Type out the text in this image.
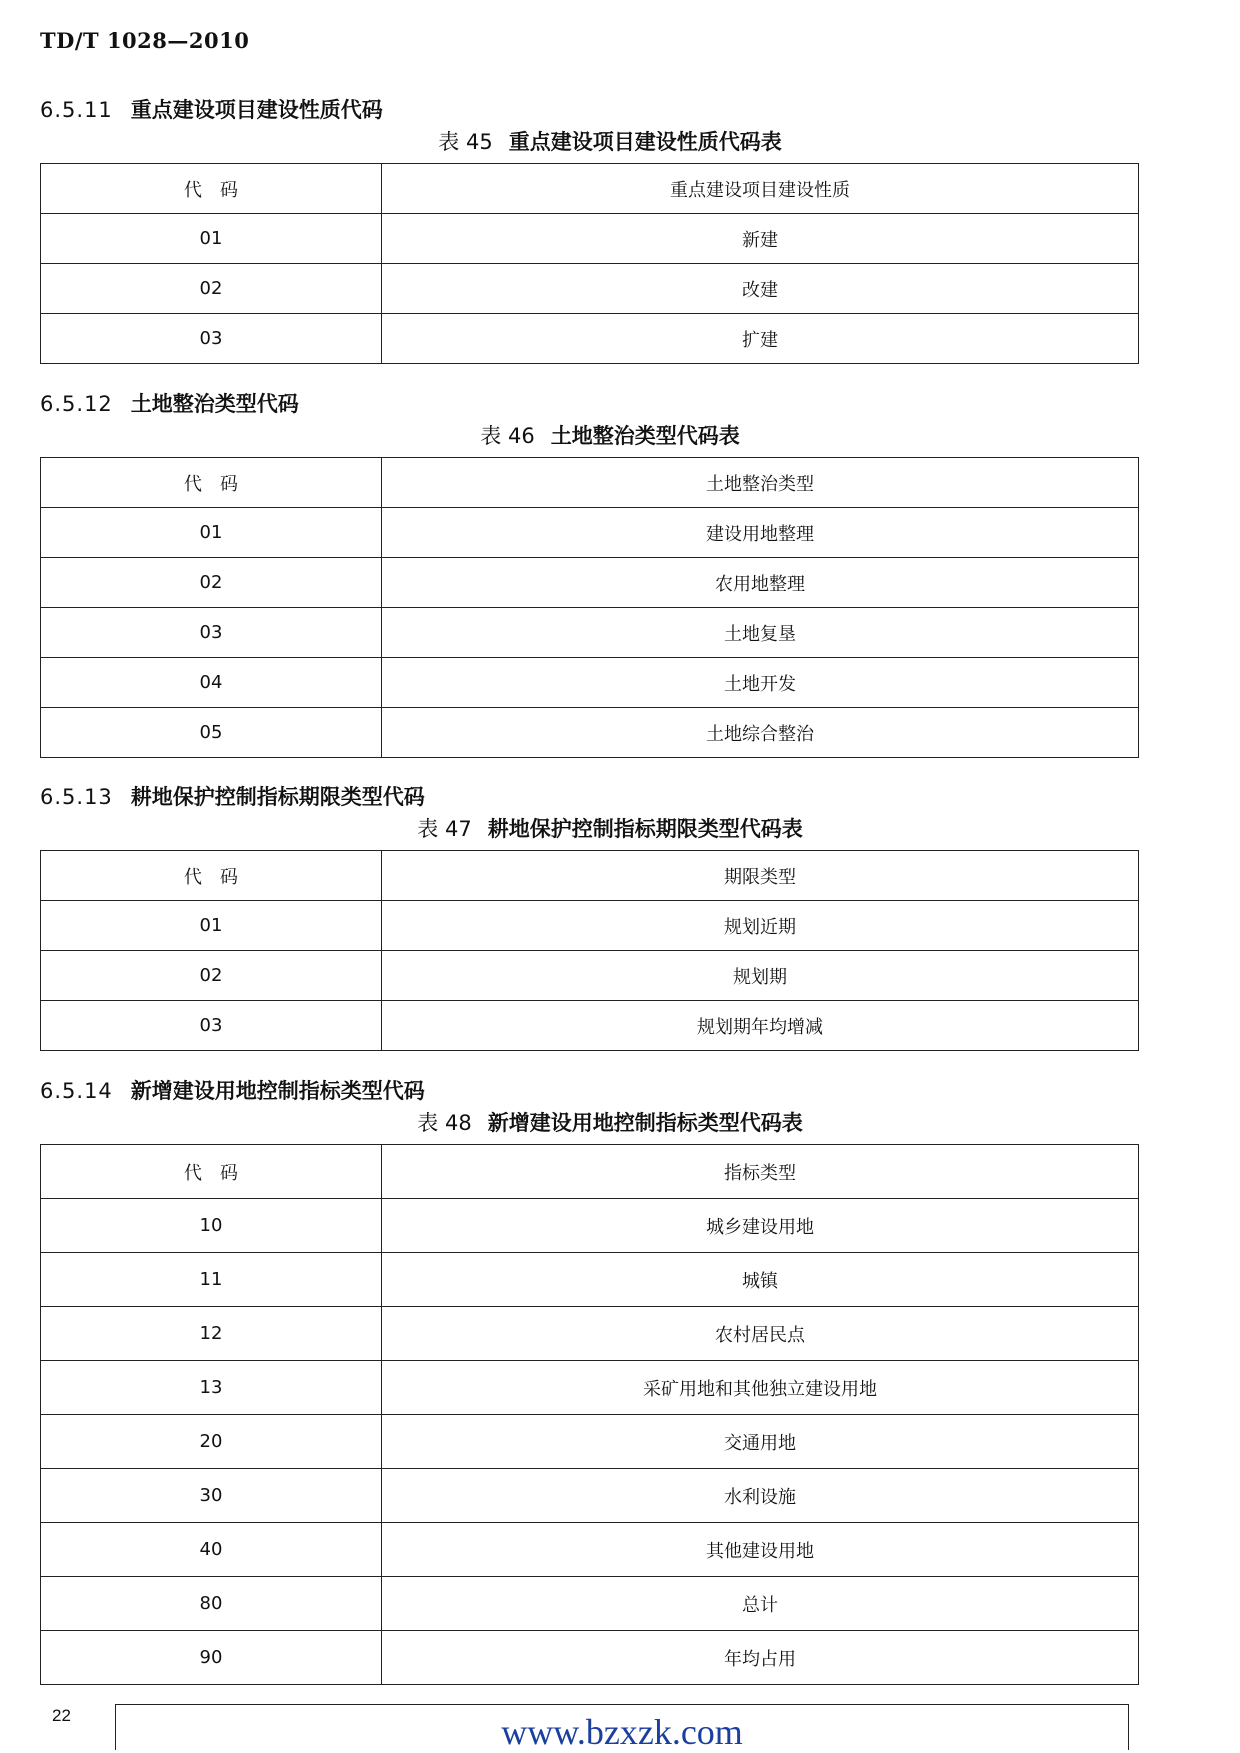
TD/T 1028—2010
6.5.11 重点建设项目建设性质代码
表 45 重点建设项目建设性质代码表
代码	重点建设项目建设性质
01	新建
02	改建
03	扩建
6.5.12 土地整治类型代码
表 46 土地整治类型代码表
代码	土地整治类型
01	建设用地整理
02	农用地整理
03	土地复垦
04	土地开发
05	土地综合整治
6.5.13 耕地保护控制指标期限类型代码
表 47 耕地保护控制指标期限类型代码表
代码	期限类型
01	规划近期
02	规划期
03	规划期年均增减
6.5.14 新增建设用地控制指标类型代码
表 48 新增建设用地控制指标类型代码表
代码	指标类型
10	城乡建设用地
11	城镇
12	农村居民点
13	采矿用地和其他独立建设用地
20	交通用地
30	水利设施
40	其他建设用地
80	总计
90	年均占用
22	www.bzxzk.com
